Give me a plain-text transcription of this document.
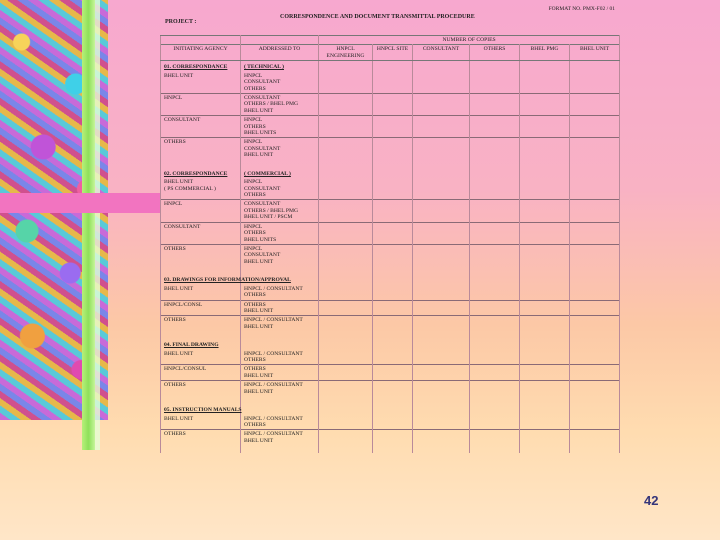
PROJECT :
CORRESPONDENCE AND DOCUMENT TRANSMITTAL PROCEDURE
FORMAT NO. PMX-F02 / 01
		NUMBER OF COPIES					
INITIATING AGENCY	ADDRESSED TO	HNPCL ENGINEERING	HNPCL SITE	CONSULTANT	OTHERS	BHEL PMG	BHEL UNIT
01. CORRESPONDANCE	( TECHNICAL )						
BHEL UNIT	HNPCL
CONSULTANT
OTHERS						
HNPCL	CONSULTANT
OTHERS / BHEL PMG
BHEL UNIT						
CONSULTANT	HNPCL
OTHERS
BHEL UNITS						
OTHERS	HNPCL
CONSULTANT
BHEL UNIT						

02. CORRESPONDANCE	( COMMERCIAL )						
BHEL UNIT
( PS COMMERCIAL )	HNPCL
CONSULTANT
OTHERS						
HNPCL	CONSULTANT
OTHERS / BHEL PMG
BHEL UNIT / PSCM						
CONSULTANT	HNPCL
OTHERS
BHEL UNITS						
OTHERS	HNPCL
CONSULTANT
BHEL UNIT						

03. DRAWINGS FOR INFORMATION/APPROVAL							
BHEL UNIT	HNPCL / CONSULTANT
OTHERS						
HNPCL/CONSL	OTHERS
BHEL UNIT						
OTHERS	HNPCL / CONSULTANT
BHEL UNIT						

04. FINAL DRAWING							
BHEL UNIT	HNPCL / CONSULTANT
OTHERS						
HNPCL/CONSUL	OTHERS
BHEL UNIT						
OTHERS	HNPCL / CONSULTANT
BHEL UNIT						

05. INSTRUCTION MANUALS							
BHEL UNIT	HNPCL / CONSULTANT
OTHERS						
OTHERS	HNPCL / CONSULTANT
BHEL UNIT						

42
